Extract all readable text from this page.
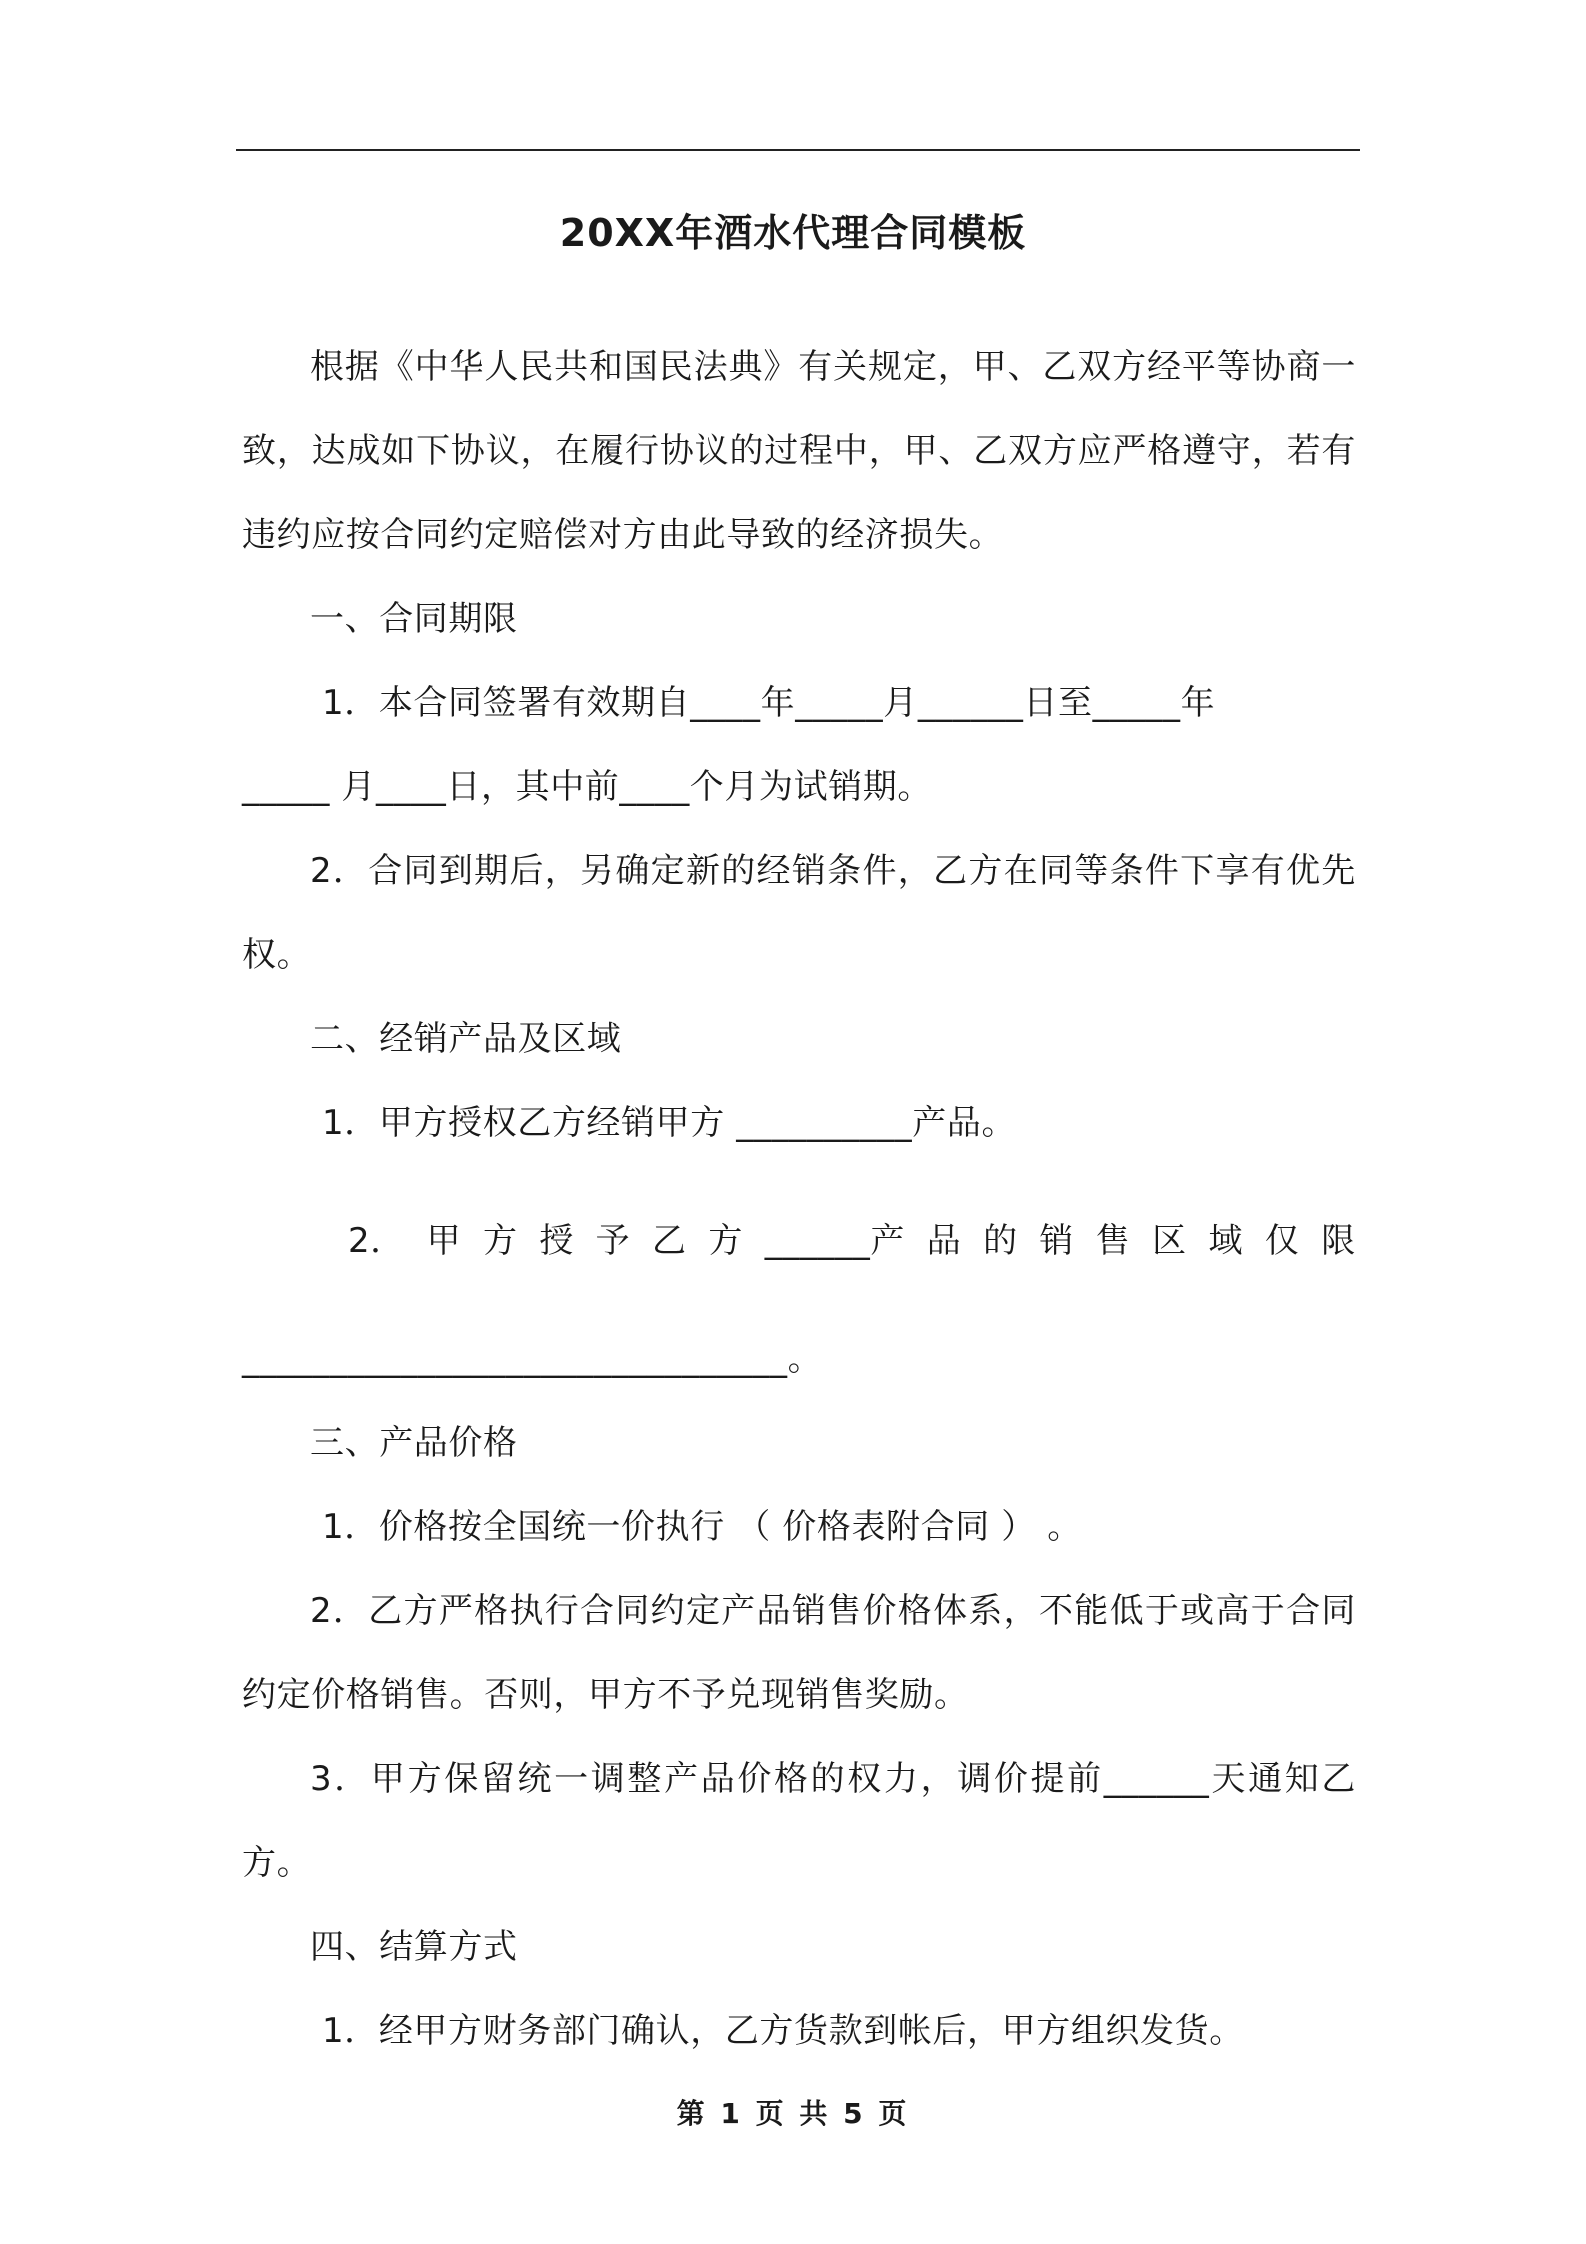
20XX年酒水代理合同模板

根据《中华人民共和国民法典》有关规定，甲、乙双方经平等协商一致，达成如下协议，在履行协议的过程中，甲、乙双方应严格遵守，若有违约应按合同约定赔偿对方由此导致的经济损失。

一、合同期限

1．本合同签署有效期自____年_____月______日至_____年

_____ 月____日，其中前____个月为试销期。

2．合同到期后，另确定新的经销条件，乙方在同等条件下享有优先权。

二、经销产品及区域

1．甲方授权乙方经销甲方 __________产品。

2． 甲 方 授 予 乙 方 ______产 品 的 销 售 区 域 仅 限

_______________________________。

三、产品价格

1．价格按全国统一价执行 （ 价格表附合同 ） 。

2．乙方严格执行合同约定产品销售价格体系，不能低于或高于合同约定价格销售。否则，甲方不予兑现销售奖励。

3．甲方保留统一调整产品价格的权力，调价提前______天通知乙方。

四、结算方式

1．经甲方财务部门确认，乙方货款到帐后，甲方组织发货。

第 1 页 共 5 页
